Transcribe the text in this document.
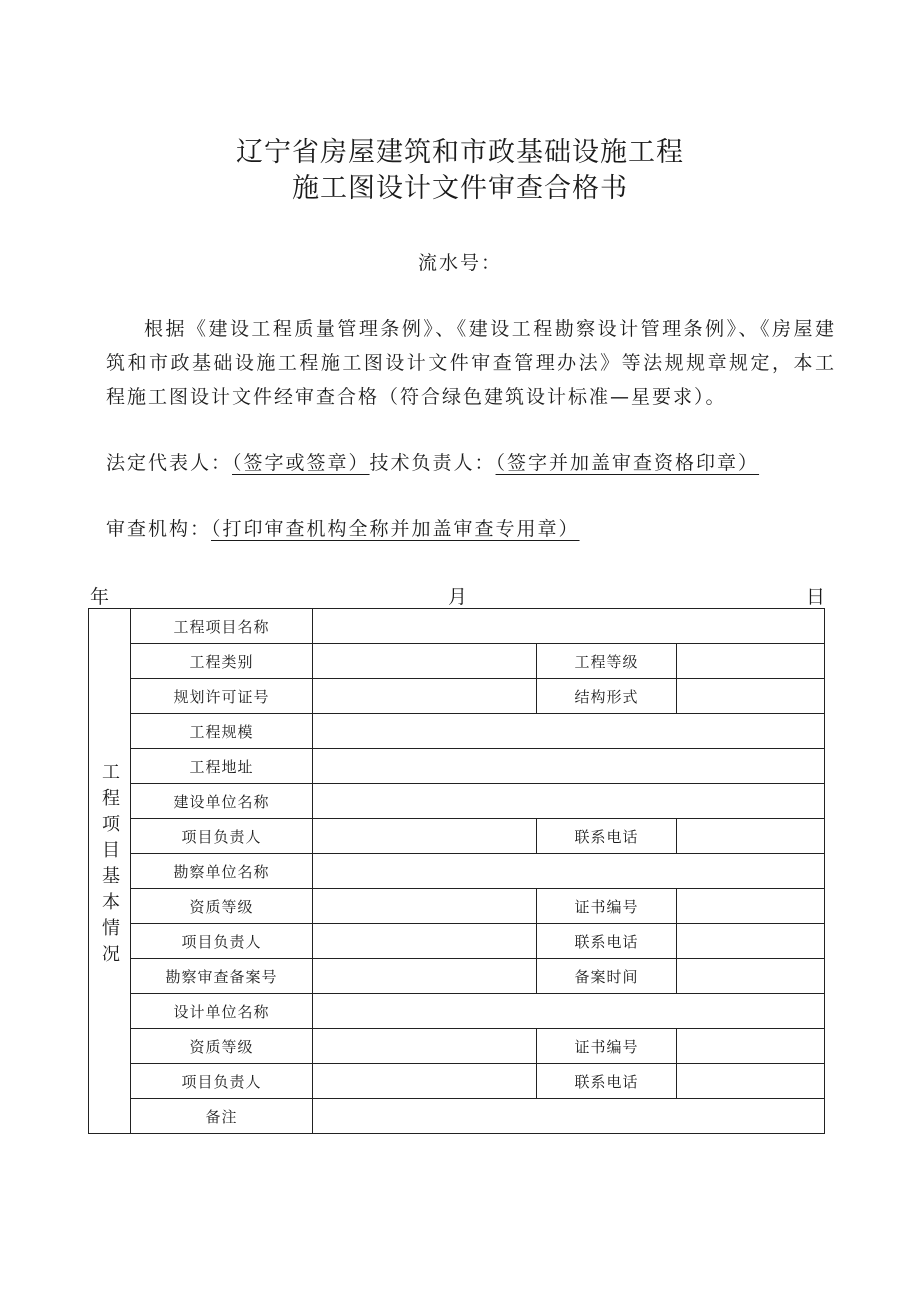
辽宁省房屋建筑和市政基础设施工程
施工图设计文件审查合格书
流水号：

根据《建设工程质量管理条例》、《建设工程勘察设计管理条例》、《房屋建筑和市政基础设施工程施工图设计文件审查管理办法》等法规规章规定，本工程施工图设计文件经审查合格（符合绿色建筑设计标准—星要求）。

法定代表人：（签字或签章）技术负责人：（签字并加盖审查资格印章）
审查机构：（打印审查机构全称并加盖审查专用章）
年	月	日
工程项目基本情况	工程项目名称			
	工程类别		工程等级	
	规划许可证号		结构形式	
	工程规模			
	工程地址			
	建设单位名称			
	项目负责人		联系电话	
	勘察单位名称			
	资质等级		证书编号	
	项目负责人		联系电话	
	勘察审查备案号		备案时间	
	设计单位名称			
	资质等级		证书编号	
	项目负责人		联系电话	
	备注			
